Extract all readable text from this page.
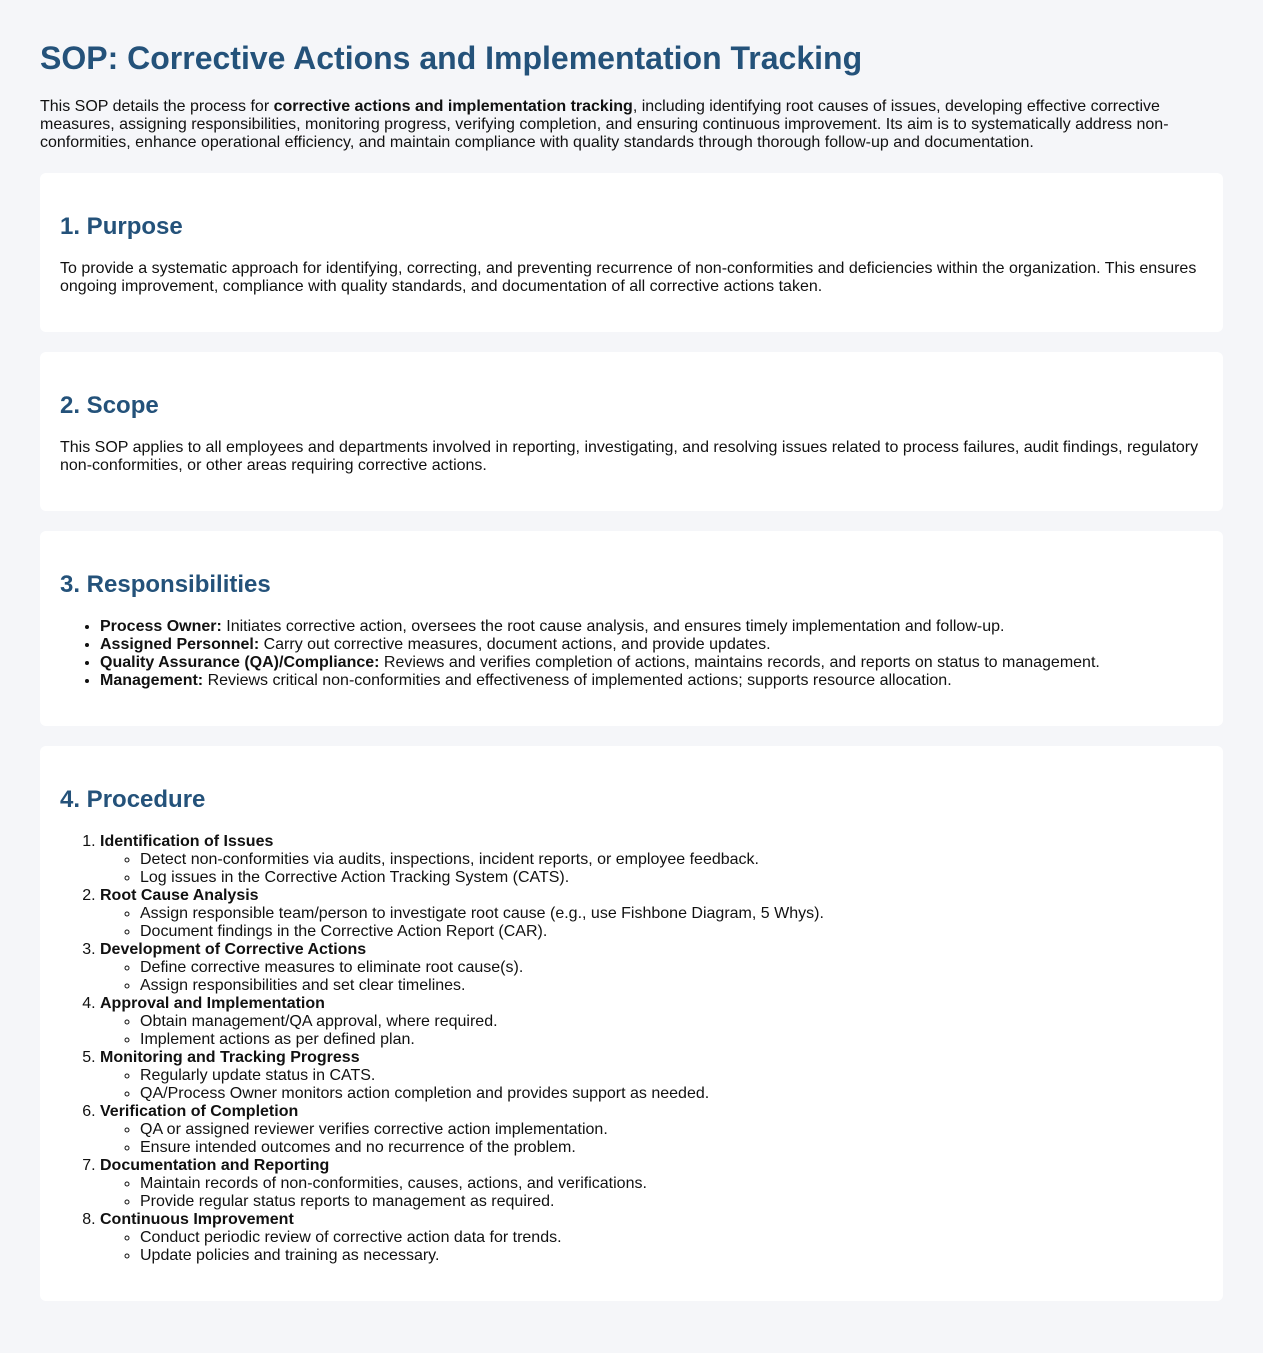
SOP: Corrective Actions and Implementation Tracking

This SOP details the process for corrective actions and implementation tracking, including identifying root causes of issues, developing effective corrective measures, assigning responsibilities, monitoring progress, verifying completion, and ensuring continuous improvement. Its aim is to systematically address non-conformities, enhance operational efficiency, and maintain compliance with quality standards through thorough follow-up and documentation.

1. Purpose

To provide a systematic approach for identifying, correcting, and preventing recurrence of non-conformities and deficiencies within the organization. This ensures ongoing improvement, compliance with quality standards, and documentation of all corrective actions taken.

2. Scope

This SOP applies to all employees and departments involved in reporting, investigating, and resolving issues related to process failures, audit findings, regulatory non-conformities, or other areas requiring corrective actions.

3. Responsibilities
• Process Owner: Initiates corrective action, oversees the root cause analysis, and ensures timely implementation and follow-up.
• Assigned Personnel: Carry out corrective measures, document actions, and provide updates.
• Quality Assurance (QA)/Compliance: Reviews and verifies completion of actions, maintains records, and reports on status to management.
• Management: Reviews critical non-conformities and effectiveness of implemented actions; supports resource allocation.
4. Procedure
1. Identification of Issues
◦ Detect non-conformities via audits, inspections, incident reports, or employee feedback.
◦ Log issues in the Corrective Action Tracking System (CATS).
2. Root Cause Analysis
◦ Assign responsible team/person to investigate root cause (e.g., use Fishbone Diagram, 5 Whys).
◦ Document findings in the Corrective Action Report (CAR).
3. Development of Corrective Actions
◦ Define corrective measures to eliminate root cause(s).
◦ Assign responsibilities and set clear timelines.
4. Approval and Implementation
◦ Obtain management/QA approval, where required.
◦ Implement actions as per defined plan.
5. Monitoring and Tracking Progress
◦ Regularly update status in CATS.
◦ QA/Process Owner monitors action completion and provides support as needed.
6. Verification of Completion
◦ QA or assigned reviewer verifies corrective action implementation.
◦ Ensure intended outcomes and no recurrence of the problem.
7. Documentation and Reporting
◦ Maintain records of non-conformities, causes, actions, and verifications.
◦ Provide regular status reports to management as required.
8. Continuous Improvement
◦ Conduct periodic review of corrective action data for trends.
◦ Update policies and training as necessary.
